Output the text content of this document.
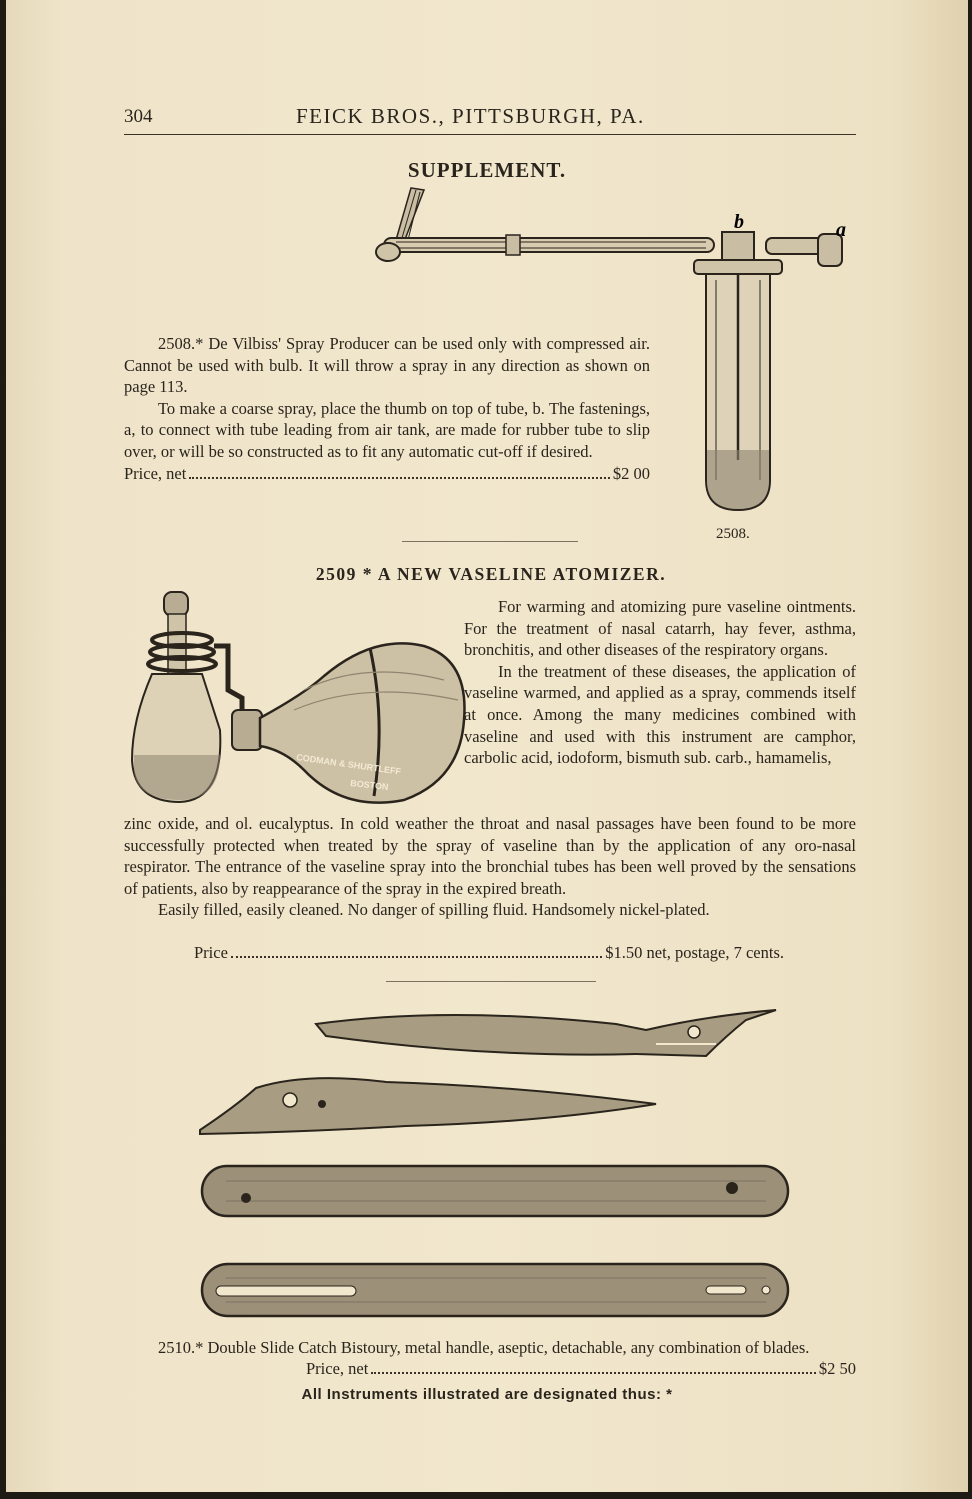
304	FEICK BROS., PITTSBURGH, PA.
SUPPLEMENT.
b	a
2508.* De Vilbiss' Spray Producer can be used only with compressed air. Cannot be used with bulb. It will throw a spray in any direction as shown on page 113.
To make a coarse spray, place the thumb on top of tube, b. The fastenings, a, to connect with tube leading from air tank, are made for rubber tube to slip over, or will be so constructed as to fit any automatic cut-off if desired.
Price, net	$2 00
2508.
2509 * A NEW VASELINE ATOMIZER.
CODMAN & SHURTLEFF
BOSTON
For warming and atomizing pure vaseline ointments. For the treatment of nasal catarrh, hay fever, asthma, bronchitis, and other diseases of the respiratory organs.
In the treatment of these diseases, the application of vaseline warmed, and applied as a spray, commends itself at once. Among the many medicines combined with vaseline and used with this instrument are camphor, carbolic acid, iodoform, bismuth sub. carb., hamamelis,
zinc oxide, and ol. eucalyptus. In cold weather the throat and nasal passages have been found to be more successfully protected when treated by the spray of vaseline than by the application of any oro-nasal respirator. The entrance of the vaseline spray into the bronchial tubes has been well proved by the sensations of patients, also by reappearance of the spray in the expired breath.
Easily filled, easily cleaned. No danger of spilling fluid. Handsomely nickel-plated.
Price	$1.50 net, postage, 7 cents.
2510.* Double Slide Catch Bistoury, metal handle, aseptic, detachable, any combination of blades.
Price, net	$2 50
All Instruments illustrated are designated thus: *
